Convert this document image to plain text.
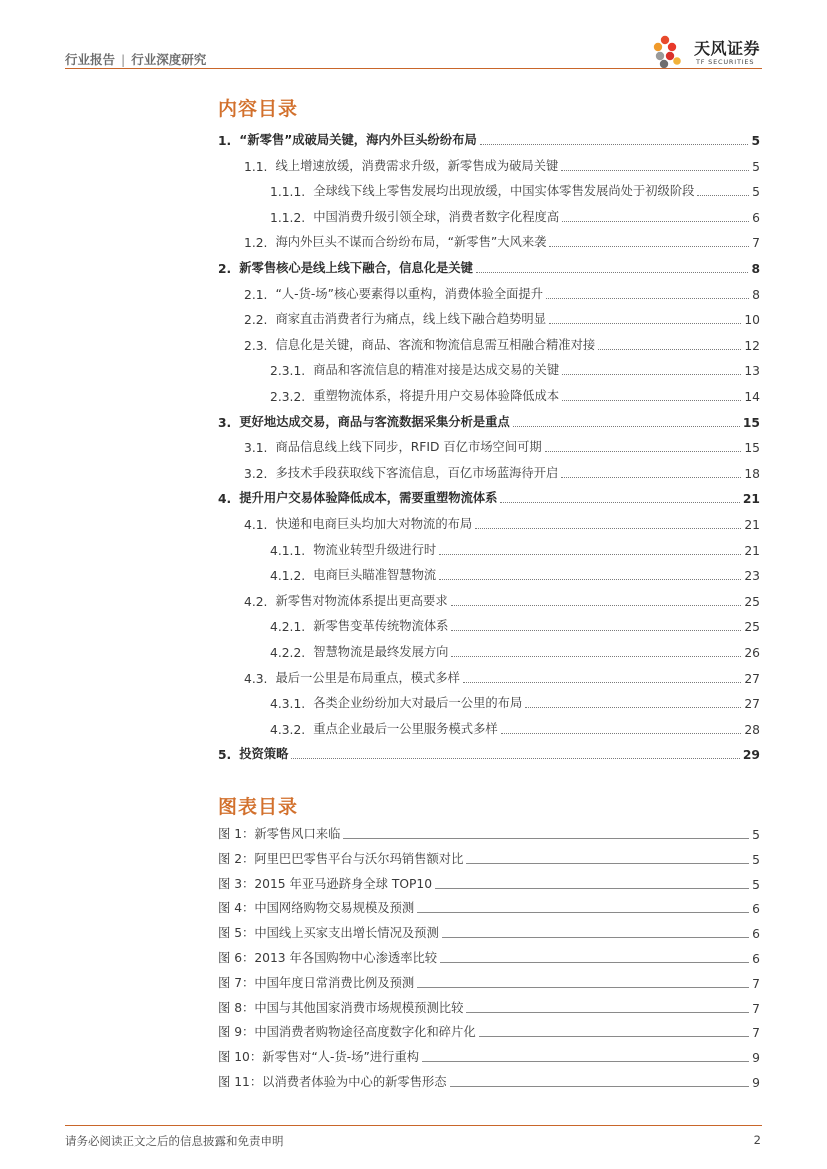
行业报告 | 行业深度研究
天风证券
TF SECURITIES
内容目录
1. “新零售”成破局关键，海内外巨头纷纷布局	5
1.1. 线上增速放缓，消费需求升级，新零售成为破局关键	5
1.1.1. 全球线下线上零售发展均出现放缓，中国实体零售发展尚处于初级阶段	5
1.1.2. 中国消费升级引领全球，消费者数字化程度高	6
1.2. 海内外巨头不谋而合纷纷布局，“新零售”大风来袭	7
2. 新零售核心是线上线下融合，信息化是关键	8
2.1. “人-货-场”核心要素得以重构，消费体验全面提升	8
2.2. 商家直击消费者行为痛点，线上线下融合趋势明显	10
2.3. 信息化是关键，商品、客流和物流信息需互相融合精准对接	12
2.3.1. 商品和客流信息的精准对接是达成交易的关键	13
2.3.2. 重塑物流体系，将提升用户交易体验降低成本	14
3. 更好地达成交易，商品与客流数据采集分析是重点	15
3.1. 商品信息线上线下同步，RFID 百亿市场空间可期	15
3.2. 多技术手段获取线下客流信息，百亿市场蓝海待开启	18
4. 提升用户交易体验降低成本，需要重塑物流体系	21
4.1. 快递和电商巨头均加大对物流的布局	21
4.1.1. 物流业转型升级进行时	21
4.1.2. 电商巨头瞄准智慧物流	23
4.2. 新零售对物流体系提出更高要求	25
4.2.1. 新零售变革传统物流体系	25
4.2.2. 智慧物流是最终发展方向	26
4.3. 最后一公里是布局重点，模式多样	27
4.3.1. 各类企业纷纷加大对最后一公里的布局	27
4.3.2. 重点企业最后一公里服务模式多样	28
5. 投资策略	29
图表目录
图 1：新零售风口来临	5
图 2：阿里巴巴零售平台与沃尔玛销售额对比	5
图 3：2015 年亚马逊跻身全球 TOP10	5
图 4：中国网络购物交易规模及预测	6
图 5：中国线上买家支出增长情况及预测	6
图 6：2013 年各国购物中心渗透率比较	6
图 7：中国年度日常消费比例及预测	7
图 8：中国与其他国家消费市场规模预测比较	7
图 9：中国消费者购物途径高度数字化和碎片化	7
图 10：新零售对“人-货-场”进行重构	9
图 11：以消费者体验为中心的新零售形态	9
请务必阅读正文之后的信息披露和免责申明	2
